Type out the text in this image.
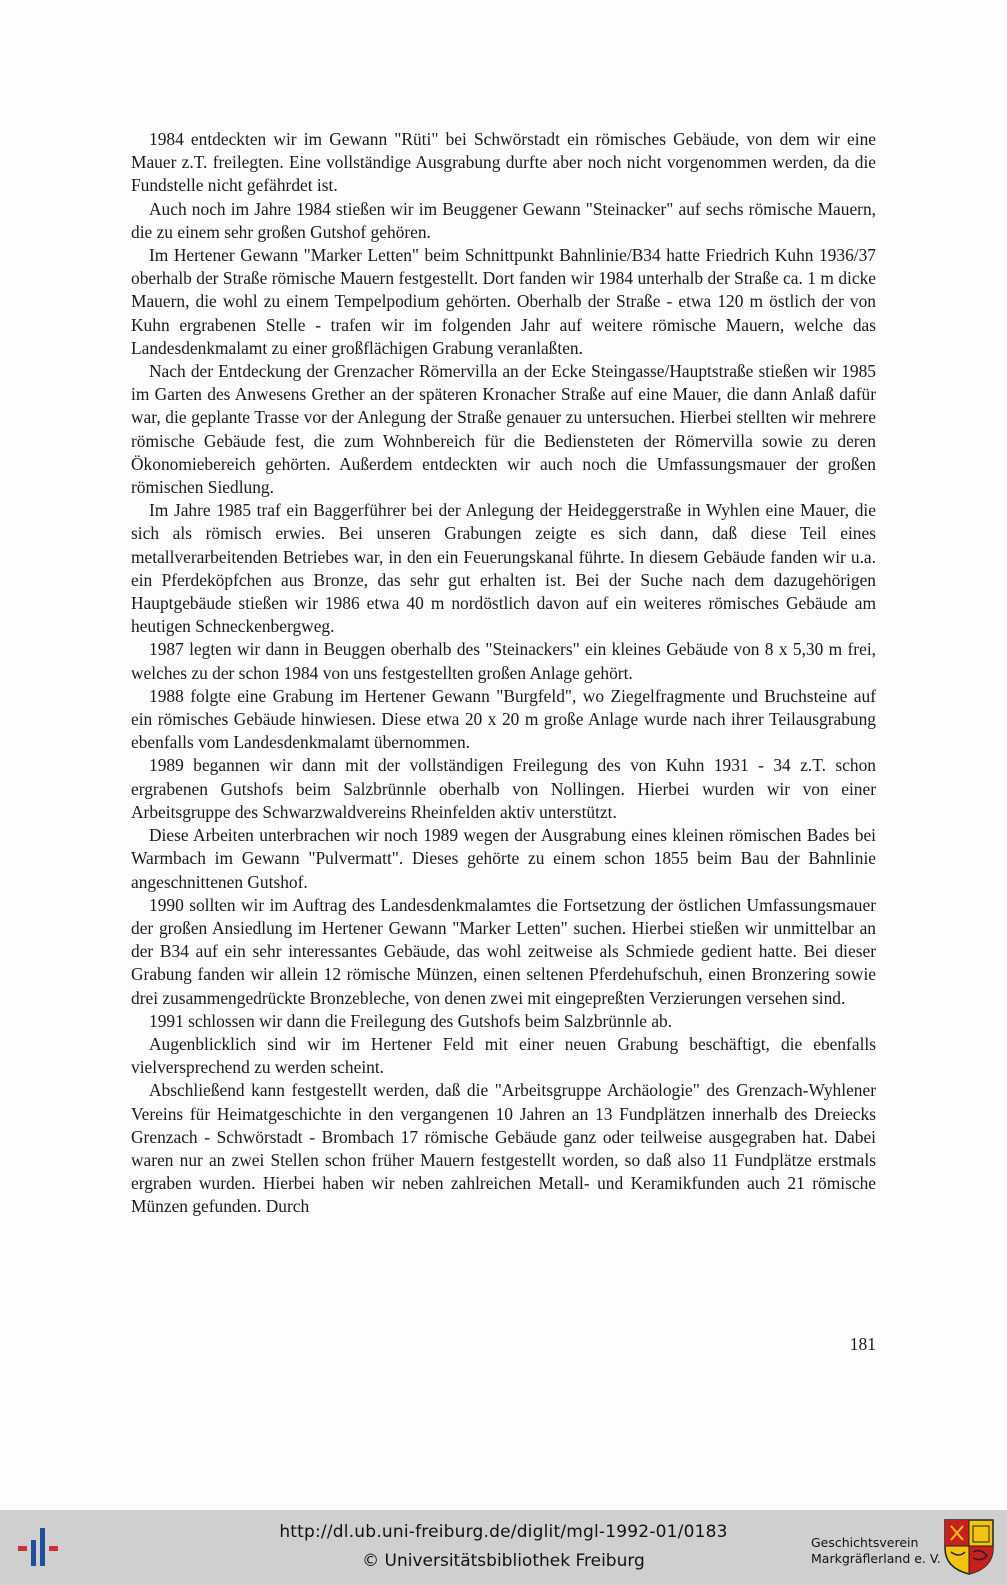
1984 entdeckten wir im Gewann "Rüti" bei Schwörstadt ein römisches Gebäude, von dem wir eine Mauer z.T. freilegten. Eine vollständige Ausgrabung durfte aber noch nicht vorgenommen werden, da die Fundstelle nicht gefährdet ist.

Auch noch im Jahre 1984 stießen wir im Beuggener Gewann "Steinacker" auf sechs römische Mauern, die zu einem sehr großen Gutshof gehören.

Im Hertener Gewann "Marker Letten" beim Schnittpunkt Bahnlinie/B34 hatte Friedrich Kuhn 1936/37 oberhalb der Straße römische Mauern festgestellt. Dort fanden wir 1984 unterhalb der Straße ca. 1 m dicke Mauern, die wohl zu einem Tempelpodium gehörten. Oberhalb der Straße - etwa 120 m östlich der von Kuhn ergrabenen Stelle - trafen wir im folgenden Jahr auf weitere römische Mauern, welche das Landesdenkmalamt zu einer großflächigen Grabung veranlaßten.

Nach der Entdeckung der Grenzacher Römervilla an der Ecke Steingasse/Hauptstraße stießen wir 1985 im Garten des Anwesens Grether an der späteren Kronacher Straße auf eine Mauer, die dann Anlaß dafür war, die geplante Trasse vor der Anlegung der Straße genauer zu untersuchen. Hierbei stellten wir mehrere römische Gebäude fest, die zum Wohnbereich für die Bediensteten der Römervilla sowie zu deren Ökonomiebereich gehörten. Außerdem entdeckten wir auch noch die Umfassungsmauer der großen römischen Siedlung.

Im Jahre 1985 traf ein Baggerführer bei der Anlegung der Heideggerstraße in Wyhlen eine Mauer, die sich als römisch erwies. Bei unseren Grabungen zeigte es sich dann, daß diese Teil eines metallverarbeitenden Betriebes war, in den ein Feuerungskanal führte. In diesem Gebäude fanden wir u.a. ein Pferdeköpfchen aus Bronze, das sehr gut erhalten ist. Bei der Suche nach dem dazugehörigen Hauptgebäude stießen wir 1986 etwa 40 m nordöstlich davon auf ein weiteres römisches Gebäude am heutigen Schneckenbergweg.

1987 legten wir dann in Beuggen oberhalb des "Steinackers" ein kleines Gebäude von 8 x 5,30 m frei, welches zu der schon 1984 von uns festgestellten großen Anlage gehört.

1988 folgte eine Grabung im Hertener Gewann "Burgfeld", wo Ziegelfragmente und Bruchsteine auf ein römisches Gebäude hinwiesen. Diese etwa 20 x 20 m große Anlage wurde nach ihrer Teilausgrabung ebenfalls vom Landesdenkmalamt übernommen.

1989 begannen wir dann mit der vollständigen Freilegung des von Kuhn 1931 - 34 z.T. schon ergrabenen Gutshofs beim Salzbrünnle oberhalb von Nollingen. Hierbei wurden wir von einer Arbeitsgruppe des Schwarzwaldvereins Rheinfelden aktiv unterstützt.

Diese Arbeiten unterbrachen wir noch 1989 wegen der Ausgrabung eines kleinen römischen Bades bei Warmbach im Gewann "Pulvermatt". Dieses gehörte zu einem schon 1855 beim Bau der Bahnlinie angeschnittenen Gutshof.

1990 sollten wir im Auftrag des Landesdenkmalamtes die Fortsetzung der östlichen Umfassungsmauer der großen Ansiedlung im Hertener Gewann "Marker Letten" suchen. Hierbei stießen wir unmittelbar an der B34 auf ein sehr interessantes Gebäude, das wohl zeitweise als Schmiede gedient hatte. Bei dieser Grabung fanden wir allein 12 römische Münzen, einen seltenen Pferdehufschuh, einen Bronzering sowie drei zusammengedrückte Bronzebleche, von denen zwei mit eingepreßten Verzierungen versehen sind.

1991 schlossen wir dann die Freilegung des Gutshofs beim Salzbrünnle ab.

Augenblicklich sind wir im Hertener Feld mit einer neuen Grabung beschäftigt, die ebenfalls vielversprechend zu werden scheint.

Abschließend kann festgestellt werden, daß die "Arbeitsgruppe Archäologie" des Grenzach-Wyhlener Vereins für Heimatgeschichte in den vergangenen 10 Jahren an 13 Fundplätzen innerhalb des Dreiecks Grenzach - Schwörstadt - Brombach 17 römische Gebäude ganz oder teilweise ausgegraben hat. Dabei waren nur an zwei Stellen schon früher Mauern festgestellt worden, so daß also 11 Fundplätze erstmals ergraben wurden. Hierbei haben wir neben zahlreichen Metall- und Keramikfunden auch 21 römische Münzen gefunden. Durch

181
http://dl.ub.uni-freiburg.de/diglit/mgl-1992-01/0183
© Universitätsbibliothek Freiburg
Geschichtsverein
Markgräflerland e. V.
